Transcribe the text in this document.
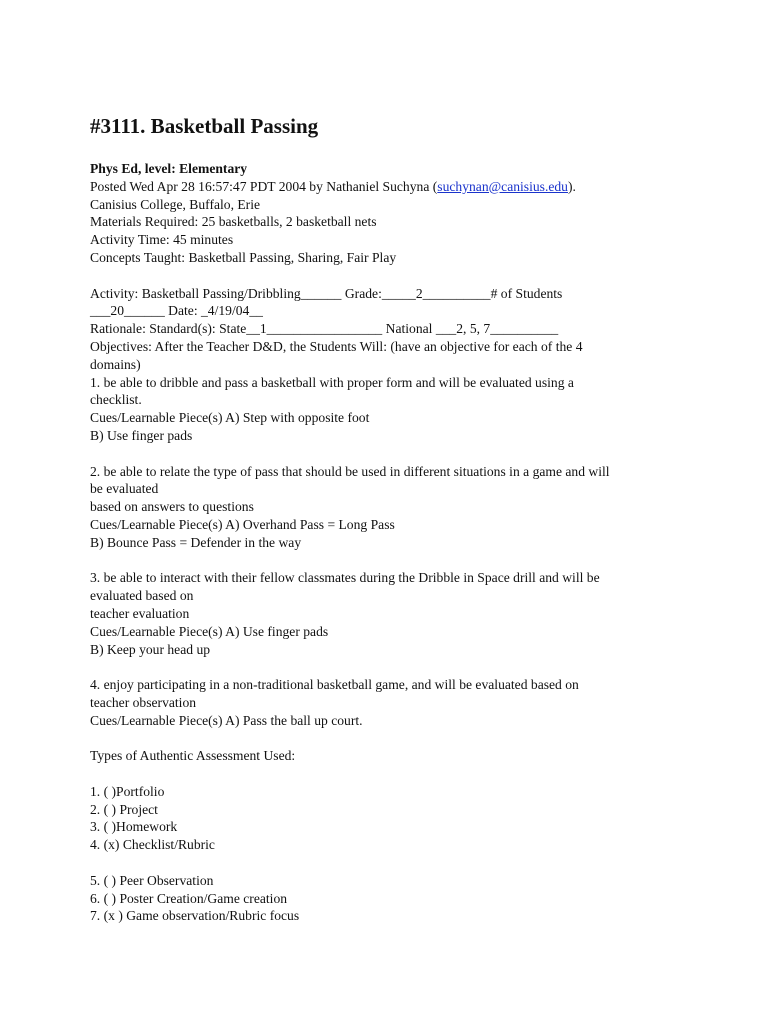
#3111. Basketball Passing
Phys Ed, level: Elementary
Posted Wed Apr 28 16:57:47 PDT 2004 by Nathaniel Suchyna (suchynan@canisius.edu).
Canisius College, Buffalo, Erie
Materials Required: 25 basketballs, 2 basketball nets
Activity Time: 45 minutes
Concepts Taught: Basketball Passing, Sharing, Fair Play
Activity: Basketball Passing/Dribbling______ Grade:_____2__________# of Students
___20______ Date: _4/19/04__
Rationale: Standard(s): State__1_________________ National ___2, 5, 7__________
Objectives: After the Teacher D&D, the Students Will: (have an objective for each of the 4
domains)
1. be able to dribble and pass a basketball with proper form and will be evaluated using a
checklist.
Cues/Learnable Piece(s) A) Step with opposite foot
B) Use finger pads
2. be able to relate the type of pass that should be used in different situations in a game and will
be evaluated
based on answers to questions
Cues/Learnable Piece(s) A) Overhand Pass = Long Pass
B) Bounce Pass = Defender in the way
3. be able to interact with their fellow classmates during the Dribble in Space drill and will be
evaluated based on
teacher evaluation
Cues/Learnable Piece(s) A) Use finger pads
B) Keep your head up
4. enjoy participating in a non-traditional basketball game, and will be evaluated based on
teacher observation
Cues/Learnable Piece(s) A) Pass the ball up court.
Types of Authentic Assessment Used:
1. ( )Portfolio
2. ( ) Project
3. ( )Homework
4. (x) Checklist/Rubric
5. ( ) Peer Observation
6. ( ) Poster Creation/Game creation
7. (x ) Game observation/Rubric focus
